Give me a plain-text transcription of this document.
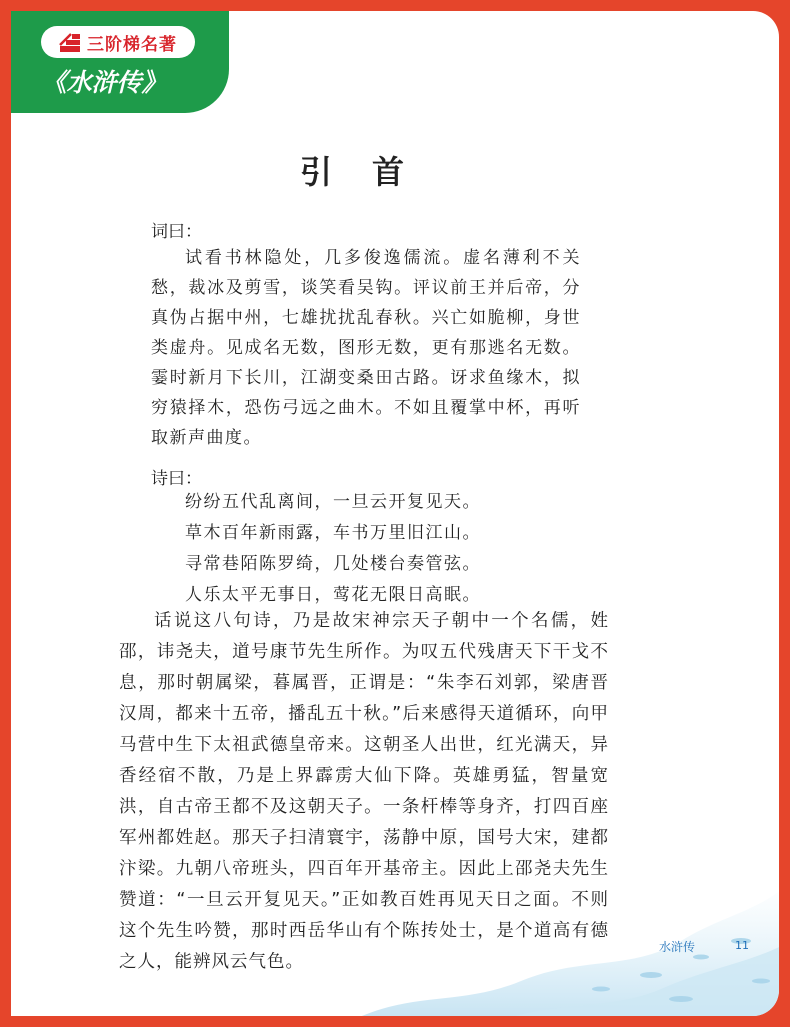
三阶梯名著
《水浒传》
引首

词曰：

试看书林隐处，几多俊逸儒流。虚名薄利不关愁，裁冰及剪雪，谈笑看吴钩。评议前王并后帝，分真伪占据中州，七雄扰扰乱春秋。兴亡如脆柳，身世类虚舟。见成名无数，图形无数，更有那逃名无数。霎时新月下长川，江湖变桑田古路。讶求鱼缘木，拟穷猿择木，恐伤弓远之曲木。不如且覆掌中杯，再听取新声曲度。

诗曰：

纷纷五代乱离间，一旦云开复见天。
草木百年新雨露，车书万里旧江山。
寻常巷陌陈罗绮，几处楼台奏管弦。
人乐太平无事日，莺花无限日高眠。

话说这八句诗，乃是故宋神宗天子朝中一个名儒，姓邵，讳尧夫，道号康节先生所作。为叹五代残唐天下干戈不息，那时朝属梁，暮属晋，正谓是：“朱李石刘郭，梁唐晋汉周，都来十五帝，播乱五十秋。”后来感得天道循环，向甲马营中生下太祖武德皇帝来。这朝圣人出世，红光满天，异香经宿不散，乃是上界霹雳大仙下降。英雄勇猛，智量宽洪，自古帝王都不及这朝天子。一条杆棒等身齐，打四百座军州都姓赵。那天子扫清寰宇，荡静中原，国号大宋，建都汴梁。九朝八帝班头，四百年开基帝主。因此上邵尧夫先生赞道：“一旦云开复见天。”正如教百姓再见天日之面。不则这个先生吟赞，那时西岳华山有个陈抟处士，是个道高有德之人，能辨风云气色。

水浒传	11
